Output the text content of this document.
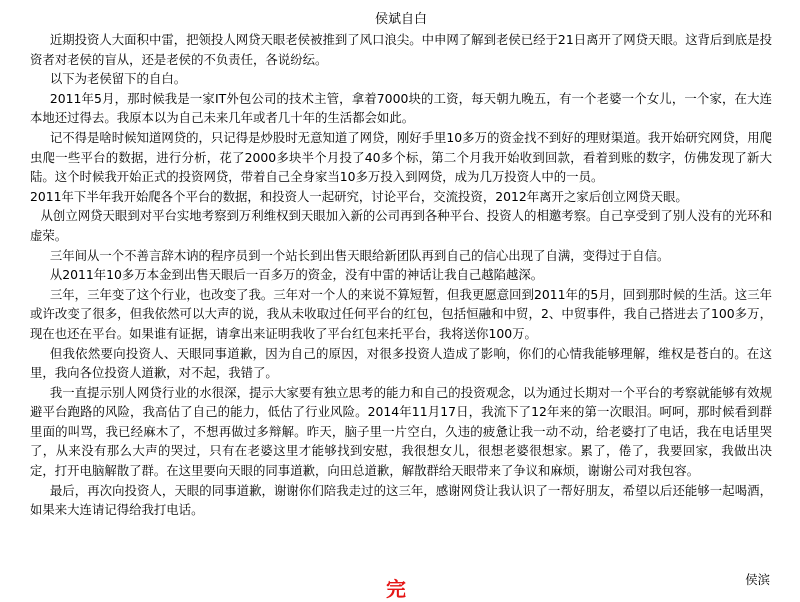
侯斌自白

近期投资人大面积中雷，把领投人网贷天眼老侯被推到了风口浪尖。中申网了解到老侯已经于21日离开了网贷天眼。这背后到底是投资者对老侯的盲从，还是老侯的不负责任，各说纷纭。

以下为老侯留下的自白。

2011年5月，那时候我是一家IT外包公司的技术主管，拿着7000块的工资，每天朝九晚五，有一个老婆一个女儿，一个家，在大连本地还过得去。我原本以为自己未来几年或者几十年的生活都会如此。

记不得是啥时候知道网贷的，只记得是炒股时无意知道了网贷，刚好手里10多万的资金找不到好的理财渠道。我开始研究网贷，用爬虫爬一些平台的数据，进行分析，花了2000多块半个月投了40多个标，第二个月我开始收到回款，看着到账的数字，仿佛发现了新大陆。这个时候我开始正式的投资网贷，带着自己全身家当10多万投入到网贷，成为几万投资人中的一员。

2011年下半年我开始爬各个平台的数据，和投资人一起研究，讨论平台，交流投资，2012年离开之家后创立网贷天眼。

从创立网贷天眼到对平台实地考察到万利维权到天眼加入新的公司再到各种平台、投资人的相邀考察。自己享受到了别人没有的光环和虚荣。

三年间从一个不善言辞木讷的程序员到一个站长到出售天眼给新团队再到自己的信心出现了自满，变得过于自信。

从2011年10多万本金到出售天眼后一百多万的资金，没有中雷的神话让我自己越陷越深。

三年，三年变了这个行业，也改变了我。三年对一个人的来说不算短暂，但我更愿意回到2011年的5月，回到那时候的生活。这三年或许改变了很多，但我依然可以大声的说，我从未收取过任何平台的红包，包括恒融和中贸，2、中贸事件，我自己搭进去了100多万，现在也还在平台。如果谁有证据，请拿出来证明我收了平台红包来托平台，我将送你100万。

但我依然要向投资人、天眼同事道歉，因为自己的原因，对很多投资人造成了影响，你们的心情我能够理解，维权是苍白的。在这里，我向各位投资人道歉，对不起，我错了。

我一直提示别人网贷行业的水很深，提示大家要有独立思考的能力和自己的投资观念，以为通过长期对一个平台的考察就能够有效规避平台跑路的风险，我高估了自己的能力，低估了行业风险。2014年11月17日，我流下了12年来的第一次眼泪。呵呵，那时候看到群里面的叫骂，我已经麻木了，不想再做过多辩解。昨天，脑子里一片空白，久违的疲惫让我一动不动，给老婆打了电话，我在电话里哭了，从来没有那么大声的哭过，只有在老婆这里才能够找到安慰，我很想女儿，很想老婆很想家。累了，倦了，我要回家，我做出决定，打开电脑解散了群。在这里要向天眼的同事道歉，向田总道歉，解散群给天眼带来了争议和麻烦，谢谢公司对我包容。

最后，再次向投资人，天眼的同事道歉，谢谢你们陪我走过的这三年，感谢网贷让我认识了一帮好朋友，希望以后还能够一起喝酒，如果来大连请记得给我打电话。

完	侯滨
